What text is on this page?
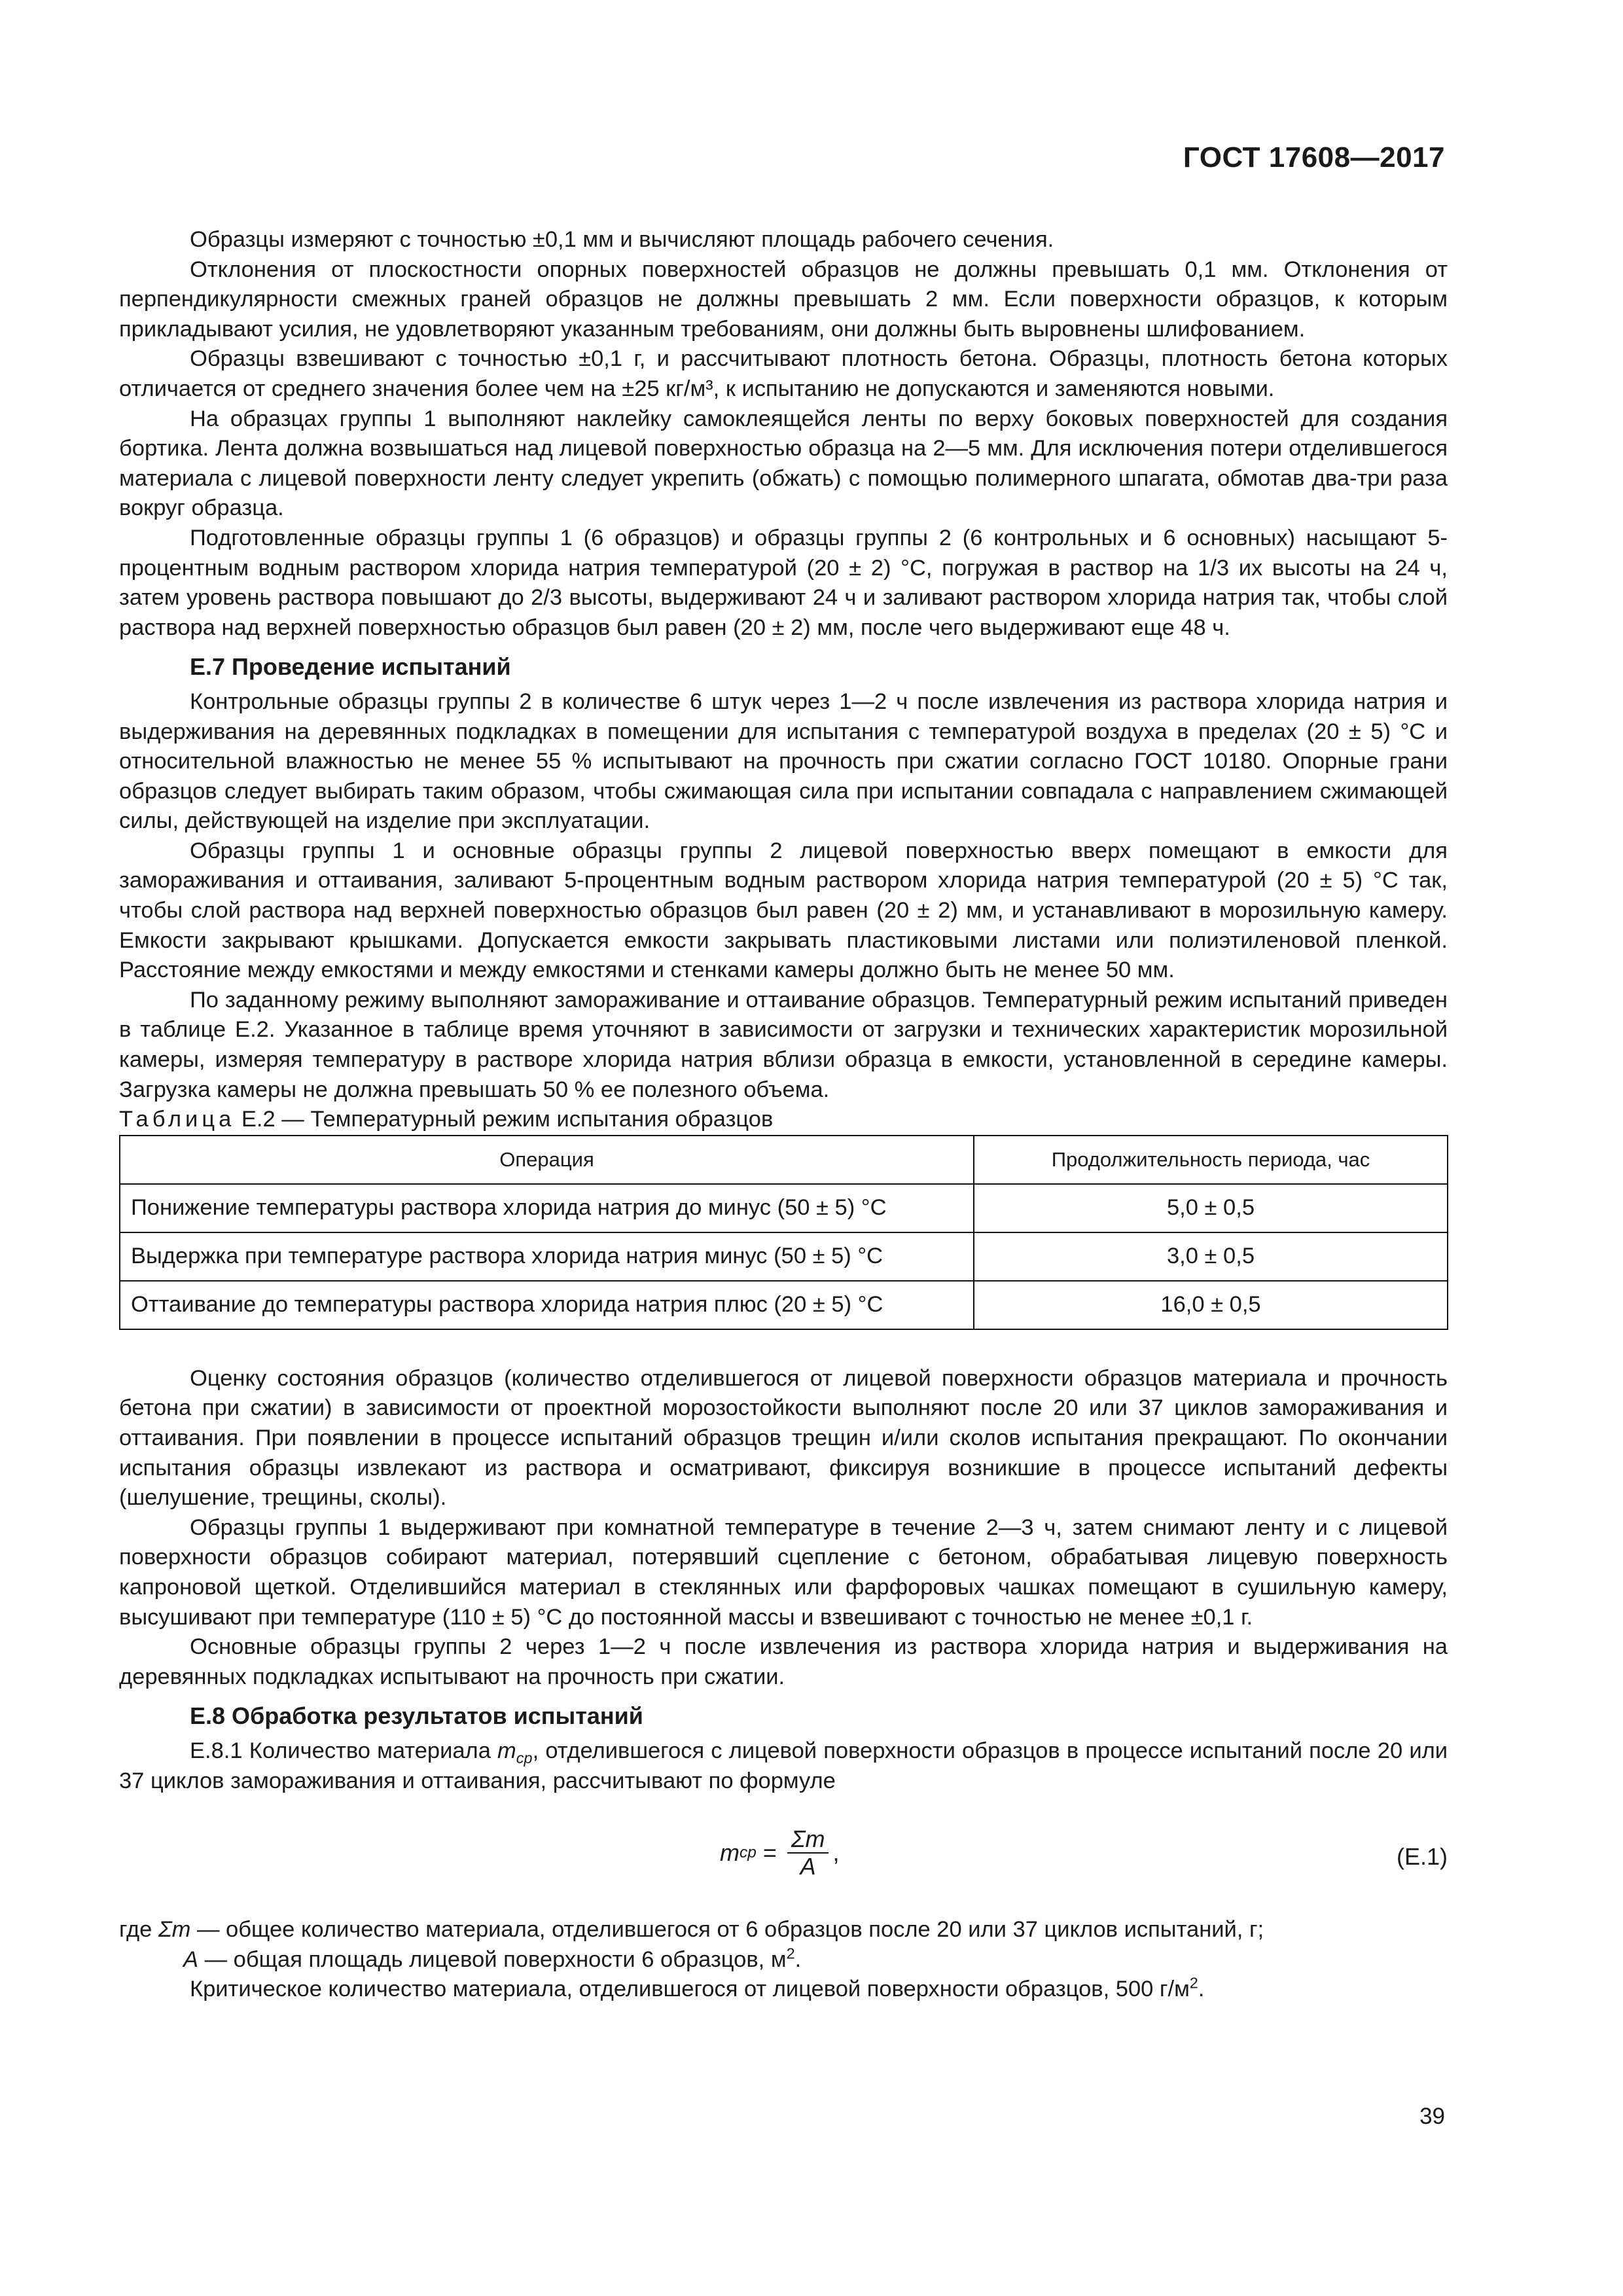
ГОСТ 17608—2017

Образцы измеряют с точностью ±0,1 мм и вычисляют площадь рабочего сечения.

Отклонения от плоскостности опорных поверхностей образцов не должны превышать 0,1 мм. Отклонения от перпендикулярности смежных граней образцов не должны превышать 2 мм. Если поверхности образцов, к которым прикладывают усилия, не удовлетворяют указанным требованиям, они должны быть выровнены шлифованием.

Образцы взвешивают с точностью ±0,1 г, и рассчитывают плотность бетона. Образцы, плотность бетона которых отличается от среднего значения более чем на ±25 кг/м³, к испытанию не допускаются и заменяются новыми.

На образцах группы 1 выполняют наклейку самоклеящейся ленты по верху боковых поверхностей для создания бортика. Лента должна возвышаться над лицевой поверхностью образца на 2—5 мм. Для исключения потери отделившегося материала с лицевой поверхности ленту следует укрепить (обжать) с помощью полимерного шпагата, обмотав два-три раза вокруг образца.

Подготовленные образцы группы 1 (6 образцов) и образцы группы 2 (6 контрольных и 6 основных) насыщают 5-процентным водным раствором хлорида натрия температурой (20 ± 2) °С, погружая в раствор на 1/3 их высоты на 24 ч, затем уровень раствора повышают до 2/3 высоты, выдерживают 24 ч и заливают раствором хлорида натрия так, чтобы слой раствора над верхней поверхностью образцов был равен (20 ± 2) мм, после чего выдерживают еще 48 ч.

Е.7 Проведение испытаний

Контрольные образцы группы 2 в количестве 6 штук через 1—2 ч после извлечения из раствора хлорида натрия и выдерживания на деревянных подкладках в помещении для испытания с температурой воздуха в пределах (20 ± 5) °С и относительной влажностью не менее 55 % испытывают на прочность при сжатии согласно ГОСТ 10180. Опорные грани образцов следует выбирать таким образом, чтобы сжимающая сила при испытании совпадала с направлением сжимающей силы, действующей на изделие при эксплуатации.

Образцы группы 1 и основные образцы группы 2 лицевой поверхностью вверх помещают в емкости для замораживания и оттаивания, заливают 5-процентным водным раствором хлорида натрия температурой (20 ± 5) °С так, чтобы слой раствора над верхней поверхностью образцов был равен (20 ± 2) мм, и устанавливают в морозильную камеру. Емкости закрывают крышками. Допускается емкости закрывать пластиковыми листами или полиэтиленовой пленкой. Расстояние между емкостями и между емкостями и стенками камеры должно быть не менее 50 мм.

По заданному режиму выполняют замораживание и оттаивание образцов. Температурный режим испытаний приведен в таблице Е.2. Указанное в таблице время уточняют в зависимости от загрузки и технических характеристик морозильной камеры, измеряя температуру в растворе хлорида натрия вблизи образца в емкости, установленной в середине камеры. Загрузка камеры не должна превышать 50 % ее полезного объема.

Таблица Е.2 — Температурный режим испытания образцов

Операция	Продолжительность периода, час
Понижение температуры раствора хлорида натрия до минус (50 ± 5) °С	5,0 ± 0,5
Выдержка при температуре раствора хлорида натрия минус (50 ± 5) °С	3,0 ± 0,5
Оттаивание до температуры раствора хлорида натрия плюс (20 ± 5) °С	16,0 ± 0,5

Оценку состояния образцов (количество отделившегося от лицевой поверхности образцов материала и прочность бетона при сжатии) в зависимости от проектной морозостойкости выполняют после 20 или 37 циклов замораживания и оттаивания. При появлении в процессе испытаний образцов трещин и/или сколов испытания прекращают. По окончании испытания образцы извлекают из раствора и осматривают, фиксируя возникшие в процессе испытаний дефекты (шелушение, трещины, сколы).

Образцы группы 1 выдерживают при комнатной температуре в течение 2—3 ч, затем снимают ленту и с лицевой поверхности образцов собирают материал, потерявший сцепление с бетоном, обрабатывая лицевую поверхность капроновой щеткой. Отделившийся материал в стеклянных или фарфоровых чашках помещают в сушильную камеру, высушивают при температуре (110 ± 5) °С до постоянной массы и взвешивают с точностью не менее ±0,1 г.

Основные образцы группы 2 через 1—2 ч после извлечения из раствора хлорида натрия и выдерживания на деревянных подкладках испытывают на прочность при сжатии.

Е.8 Обработка результатов испытаний

Е.8.1 Количество материала $m_{ср}$, отделившегося с лицевой поверхности образцов в процессе испытаний после 20 или 37 циклов замораживания и оттаивания, рассчитывают по формуле

m ср = $\frac{\Sigma m}{A}$ ,	(Е.1)

где Σm — общее количество материала, отделившегося от 6 образцов после 20 или 37 циклов испытаний, г;

A — общая площадь лицевой поверхности 6 образцов, $м^2$.

Критическое количество материала, отделившегося от лицевой поверхности образцов, 500 $г/м^2$.

39
